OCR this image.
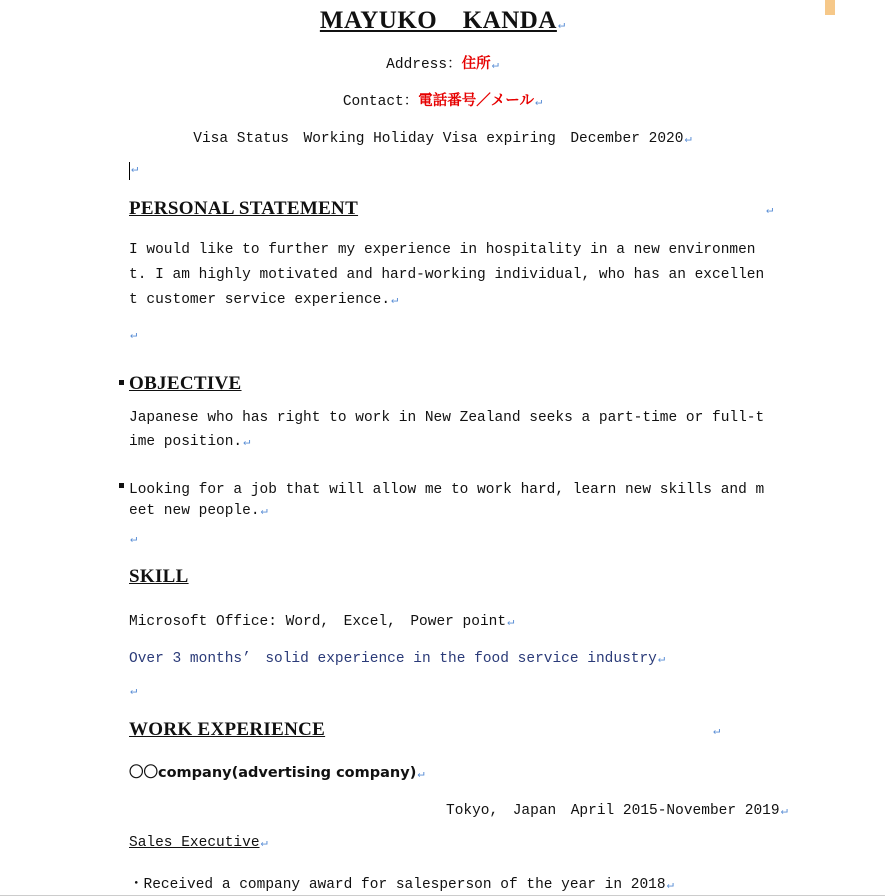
MAYUKO　KANDA↵
Address：住所↵
Contact：電話番号／メール↵
Visa Status　Working Holiday Visa expiring　December 2020↵
↵
PERSONAL STATEMENT	↵
I would like to further my experience in hospitality in a new environment. I am highly motivated and hard-working individual, who has an excellent customer service experience.↵
↵
OBJECTIVE
Japanese who has right to work in New Zealand seeks a part-time or full-time position.↵
Looking for a job that will allow me to work hard, learn new skills and meet new people.↵
↵
SKILL
Microsoft Office: Word,　Excel,　Power point↵
Over 3 months’　solid experience in the food service industry↵
↵
WORK EXPERIENCE	↵
〇〇company(advertising company)↵
Tokyo,　Japan　April 2015-November 2019↵
Sales Executive↵
・Received a company award for salesperson of the year in 2018↵
